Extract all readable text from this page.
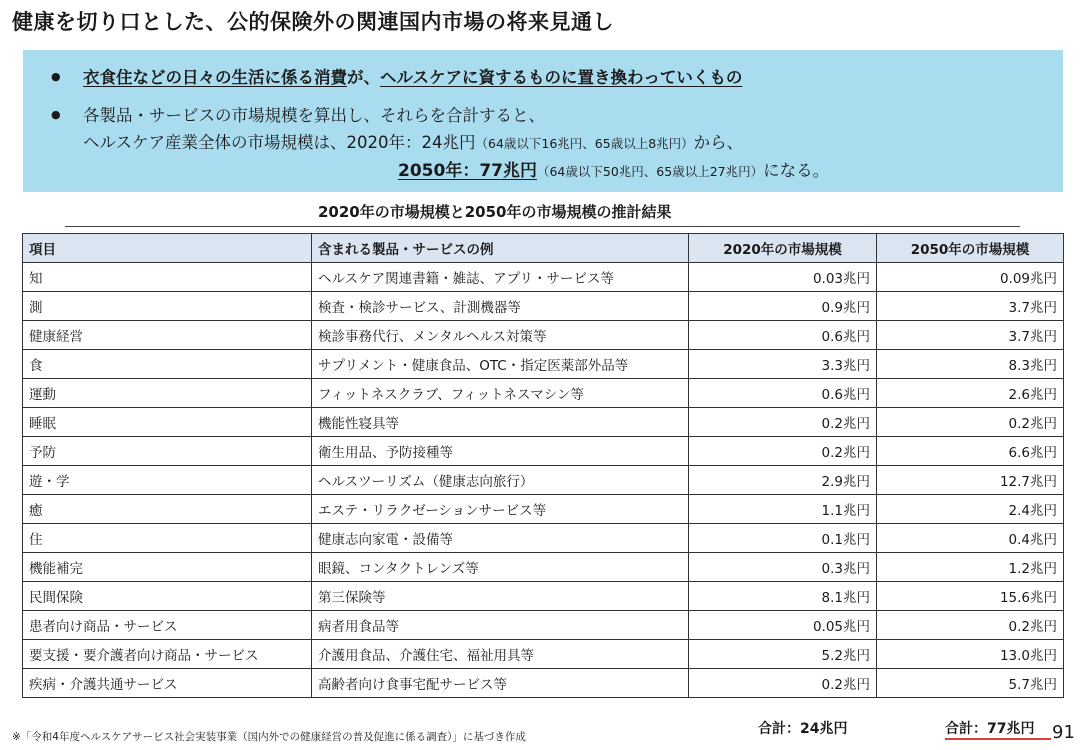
健康を切り口とした、公的保険外の関連国内市場の将来見通し
● 衣食住などの日々の生活に係る消費が、ヘルスケアに資するものに置き換わっていくもの
● 各製品・サービスの市場規模を算出し、それらを合計すると、
ヘルスケア産業全体の市場規模は、2020年：24兆円（64歳以下16兆円、65歳以上8兆円）から、
2050年：77兆円（64歳以下50兆円、65歳以上27兆円）になる。
2020年の市場規模と2050年の市場規模の推計結果
項目	含まれる製品・サービスの例	2020年の市場規模	2050年の市場規模
知	ヘルスケア関連書籍・雑誌、アプリ・サービス等	0.03兆円	0.09兆円
測	検査・検診サービス、計測機器等	0.9兆円	3.7兆円
健康経営	検診事務代行、メンタルヘルス対策等	0.6兆円	3.7兆円
食	サプリメント・健康食品、OTC・指定医薬部外品等	3.3兆円	8.3兆円
運動	フィットネスクラブ、フィットネスマシン等	0.6兆円	2.6兆円
睡眠	機能性寝具等	0.2兆円	0.2兆円
予防	衛生用品、予防接種等	0.2兆円	6.6兆円
遊・学	ヘルスツーリズム（健康志向旅行）	2.9兆円	12.7兆円
癒	エステ・リラクゼーションサービス等	1.1兆円	2.4兆円
住	健康志向家電・設備等	0.1兆円	0.4兆円
機能補完	眼鏡、コンタクトレンズ等	0.3兆円	1.2兆円
民間保険	第三保険等	8.1兆円	15.6兆円
患者向け商品・サービス	病者用食品等	0.05兆円	0.2兆円
要支援・要介護者向け商品・サービス	介護用食品、介護住宅、福祉用具等	5.2兆円	13.0兆円
疾病・介護共通サービス	高齢者向け食事宅配サービス等	0.2兆円	5.7兆円
合計：24兆円	合計：77兆円 91
※「令和4年度ヘルスケアサービス社会実装事業（国内外での健康経営の普及促進に係る調査）」に基づき作成
